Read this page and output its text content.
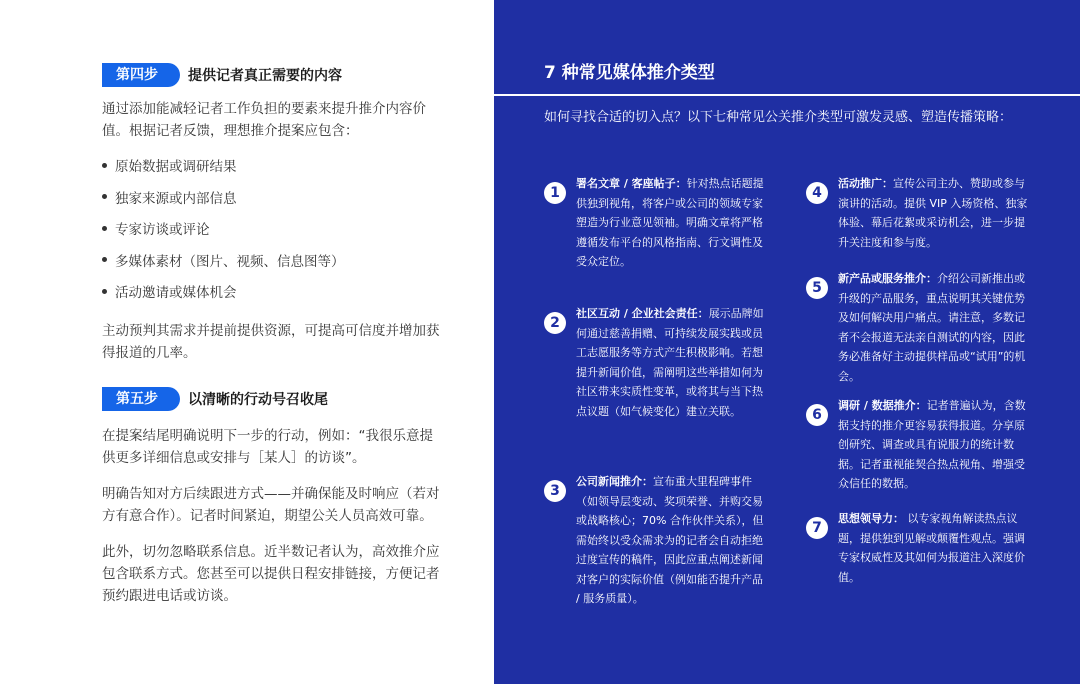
第四步	提供记者真正需要的内容

通过添加能减轻记者工作负担的要素来提升推介内容价值。根据记者反馈，理想推介提案应包含：

原始数据或调研结果
独家来源或内部信息
专家访谈或评论
多媒体素材（图片、视频、信息图等）
活动邀请或媒体机会

主动预判其需求并提前提供资源，可提高可信度并增加获得报道的几率。

第五步	以清晰的行动号召收尾

在提案结尾明确说明下一步的行动，例如：“我很乐意提供更多详细信息或安排与［某人］的访谈”。

明确告知对方后续跟进方式——并确保能及时响应（若对方有意合作）。记者时间紧迫，期望公关人员高效可靠。

此外，切勿忽略联系信息。近半数记者认为，高效推介应包含联系方式。您甚至可以提供日程安排链接，方便记者预约跟进电话或访谈。

7 种常见媒体推介类型

如何寻找合适的切入点？以下七种常见公关推介类型可激发灵感、塑造传播策略：

1

署名文章 / 客座帖子：针对热点话题提供独到视角，将客户或公司的领域专家塑造为行业意见领袖。明确文章将严格遵循发布平台的风格指南、行文调性及受众定位。

2

社区互动 / 企业社会责任：展示品牌如何通过慈善捐赠、可持续发展实践或员工志愿服务等方式产生积极影响。若想提升新闻价值，需阐明这些举措如何为社区带来实质性变革，或将其与当下热点议题（如气候变化）建立关联。

3

公司新闻推介：宣布重大里程碑事件（如领导层变动、奖项荣誉、并购交易或战略核心；70% 合作伙伴关系），但需始终以受众需求为的记者会自动拒绝过度宣传的稿件，因此应重点阐述新闻对客户的实际价值（例如能否提升产品 / 服务质量）。

4

活动推广：宣传公司主办、赞助或参与演讲的活动。提供 VIP 入场资格、独家体验、幕后花絮或采访机会，进一步提升关注度和参与度。

5

新产品或服务推介：介绍公司新推出或升级的产品服务，重点说明其关键优势及如何解决用户痛点。请注意，多数记者不会报道无法亲自测试的内容，因此务必准备好主动提供样品或“试用”的机会。

6

调研 / 数据推介：记者普遍认为，含数据支持的推介更容易获得报道。分享原创研究、调查或具有说服力的统计数据。记者重视能契合热点视角、增强受众信任的数据。

7

思想领导力： 以专家视角解读热点议题，提供独到见解或颠覆性观点。强调专家权威性及其如何为报道注入深度价值。
